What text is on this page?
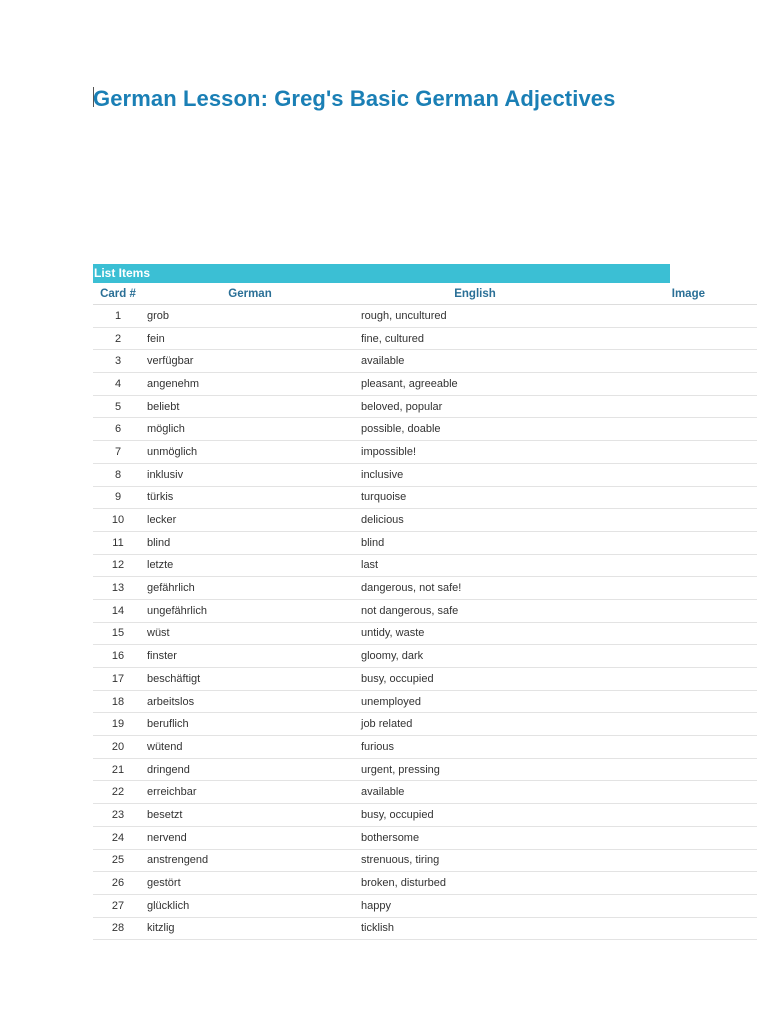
German Lesson: Greg's Basic German Adjectives
List Items
Card #	German	English	Image
1	grob	rough, uncultured	
2	fein	fine, cultured	
3	verfügbar	available	
4	angenehm	pleasant, agreeable	
5	beliebt	beloved, popular	
6	möglich	possible, doable	
7	unmöglich	impossible!	
8	inklusiv	inclusive	
9	türkis	turquoise	
10	lecker	delicious	
11	blind	blind	
12	letzte	last	
13	gefährlich	dangerous, not safe!	
14	ungefährlich	not dangerous, safe	
15	wüst	untidy, waste	
16	finster	gloomy, dark	
17	beschäftigt	busy, occupied	
18	arbeitslos	unemployed	
19	beruflich	job related	
20	wütend	furious	
21	dringend	urgent, pressing	
22	erreichbar	available	
23	besetzt	busy, occupied	
24	nervend	bothersome	
25	anstrengend	strenuous, tiring	
26	gestört	broken, disturbed	
27	glücklich	happy	
28	kitzlig	ticklish	
